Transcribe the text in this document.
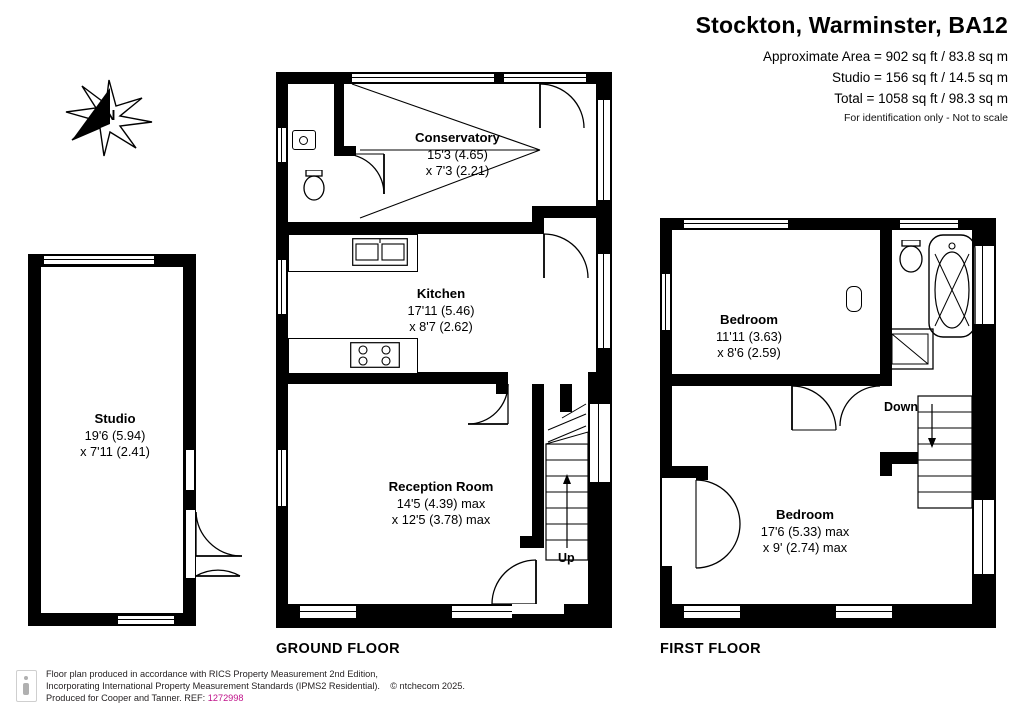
Stockton, Warminster, BA12
Approximate Area = 902 sq ft / 83.8 sq m
Studio = 156 sq ft / 14.5 sq m
Total = 1058 sq ft / 98.3 sq m
For identification only - Not to scale
N
Studio
19'6 (5.94)
x 7'11 (2.41)
Conservatory
15'3 (4.65)
x 7'3 (2.21)
Kitchen
17'11 (5.46)
x 8'7 (2.62)
Reception Room
14'5 (4.39) max
x 12'5 (3.78) max
Up
GROUND FLOOR
Bedroom
11'11 (3.63)
x 8'6 (2.59)
Bedroom
17'6 (5.33) max
x 9' (2.74) max
Down
FIRST FLOOR
Floor plan produced in accordance with RICS Property Measurement 2nd Edition,
Incorporating International Property Measurement Standards (IPMS2 Residential). © ntchecom 2025.
Produced for Cooper and Tanner. REF: 1272998
